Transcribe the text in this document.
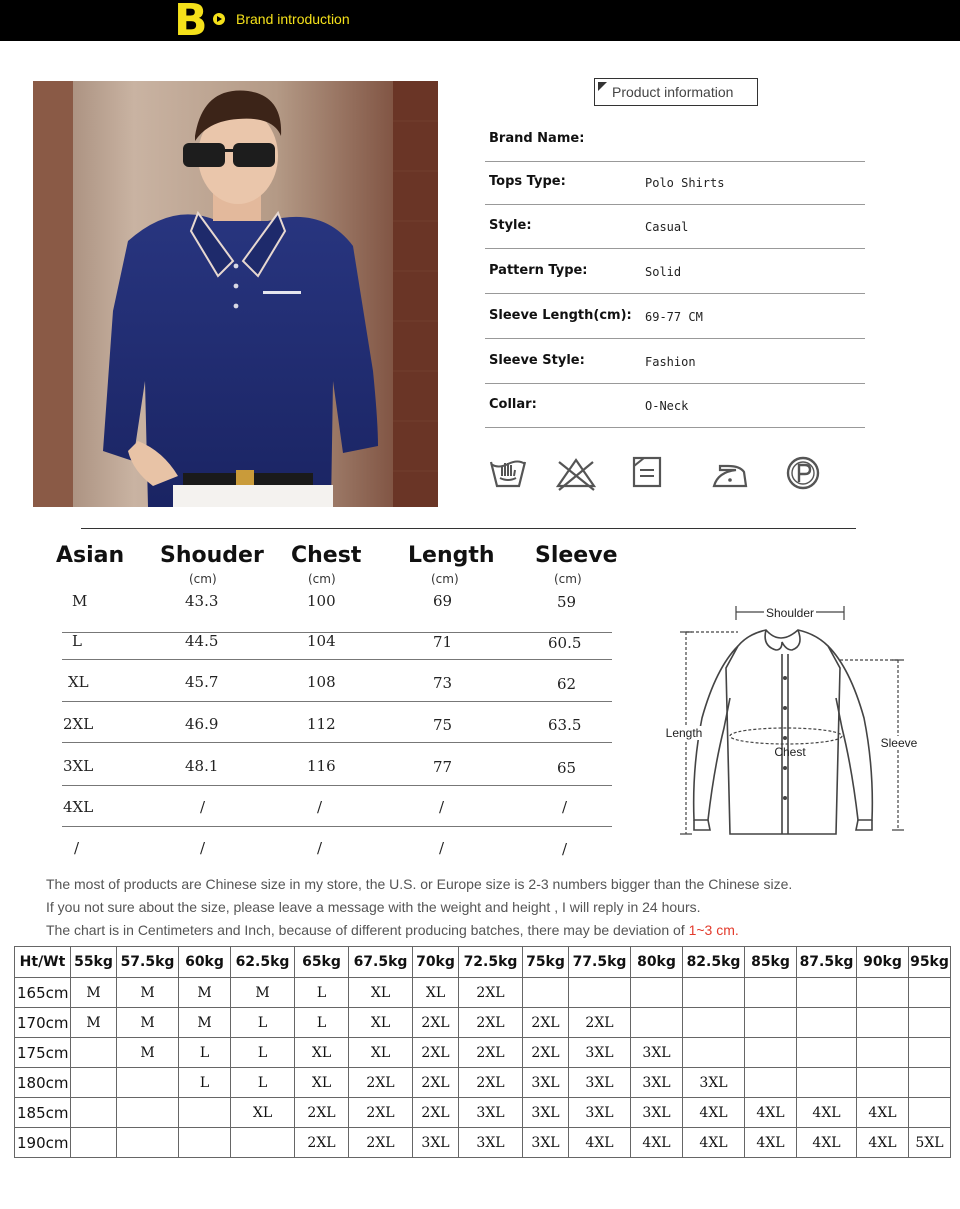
B Brand introduction
Product information
Brand Name:
Tops Type:	Polo Shirts
Style:	Casual
Pattern Type:	Solid
Sleeve Length(cm): 69-77 CM
Sleeve Style:	Fashion
Collar:	O-Neck
Asian Shouder Chest Length Sleeve
(cm)	(cm)	(cm)	(cm)
M	43.3	100	69	59
L	44.5	104	71	60.5
XL	45.7	108	73	62
2XL	46.9	112	75	63.5
3XL	48.1	116	77	65
4XL	/	/	/	/
/	/	/	/	/
Shoulder
Length
Chest
Sleeve
The most of products are Chinese size in my store, the U.S. or Europe size is 2-3 numbers bigger than the Chinese size.
If you not sure about the size, please leave a message with the weight and height , I will reply in 24 hours.
The chart is in Centimeters and Inch, because of different producing batches, there may be deviation of 1~3 cm.
Ht/Wt	55kg	57.5kg	60kg	62.5kg	65kg	67.5kg	70kg	72.5kg	75kg	77.5kg	80kg	82.5kg	85kg	87.5kg	90kg	95kg
165cm	M	M	M	M	L	XL	XL	2XL								
170cm	M	M	M	L	L	XL	2XL	2XL	2XL	2XL						
175cm		M	L	L	XL	XL	2XL	2XL	2XL	3XL	3XL					
180cm			L	L	XL	2XL	2XL	2XL	3XL	3XL	3XL	3XL				
185cm				XL	2XL	2XL	2XL	3XL	3XL	3XL	3XL	4XL	4XL	4XL	4XL	
190cm					2XL	2XL	3XL	3XL	3XL	4XL	4XL	4XL	4XL	4XL	4XL	5XL
